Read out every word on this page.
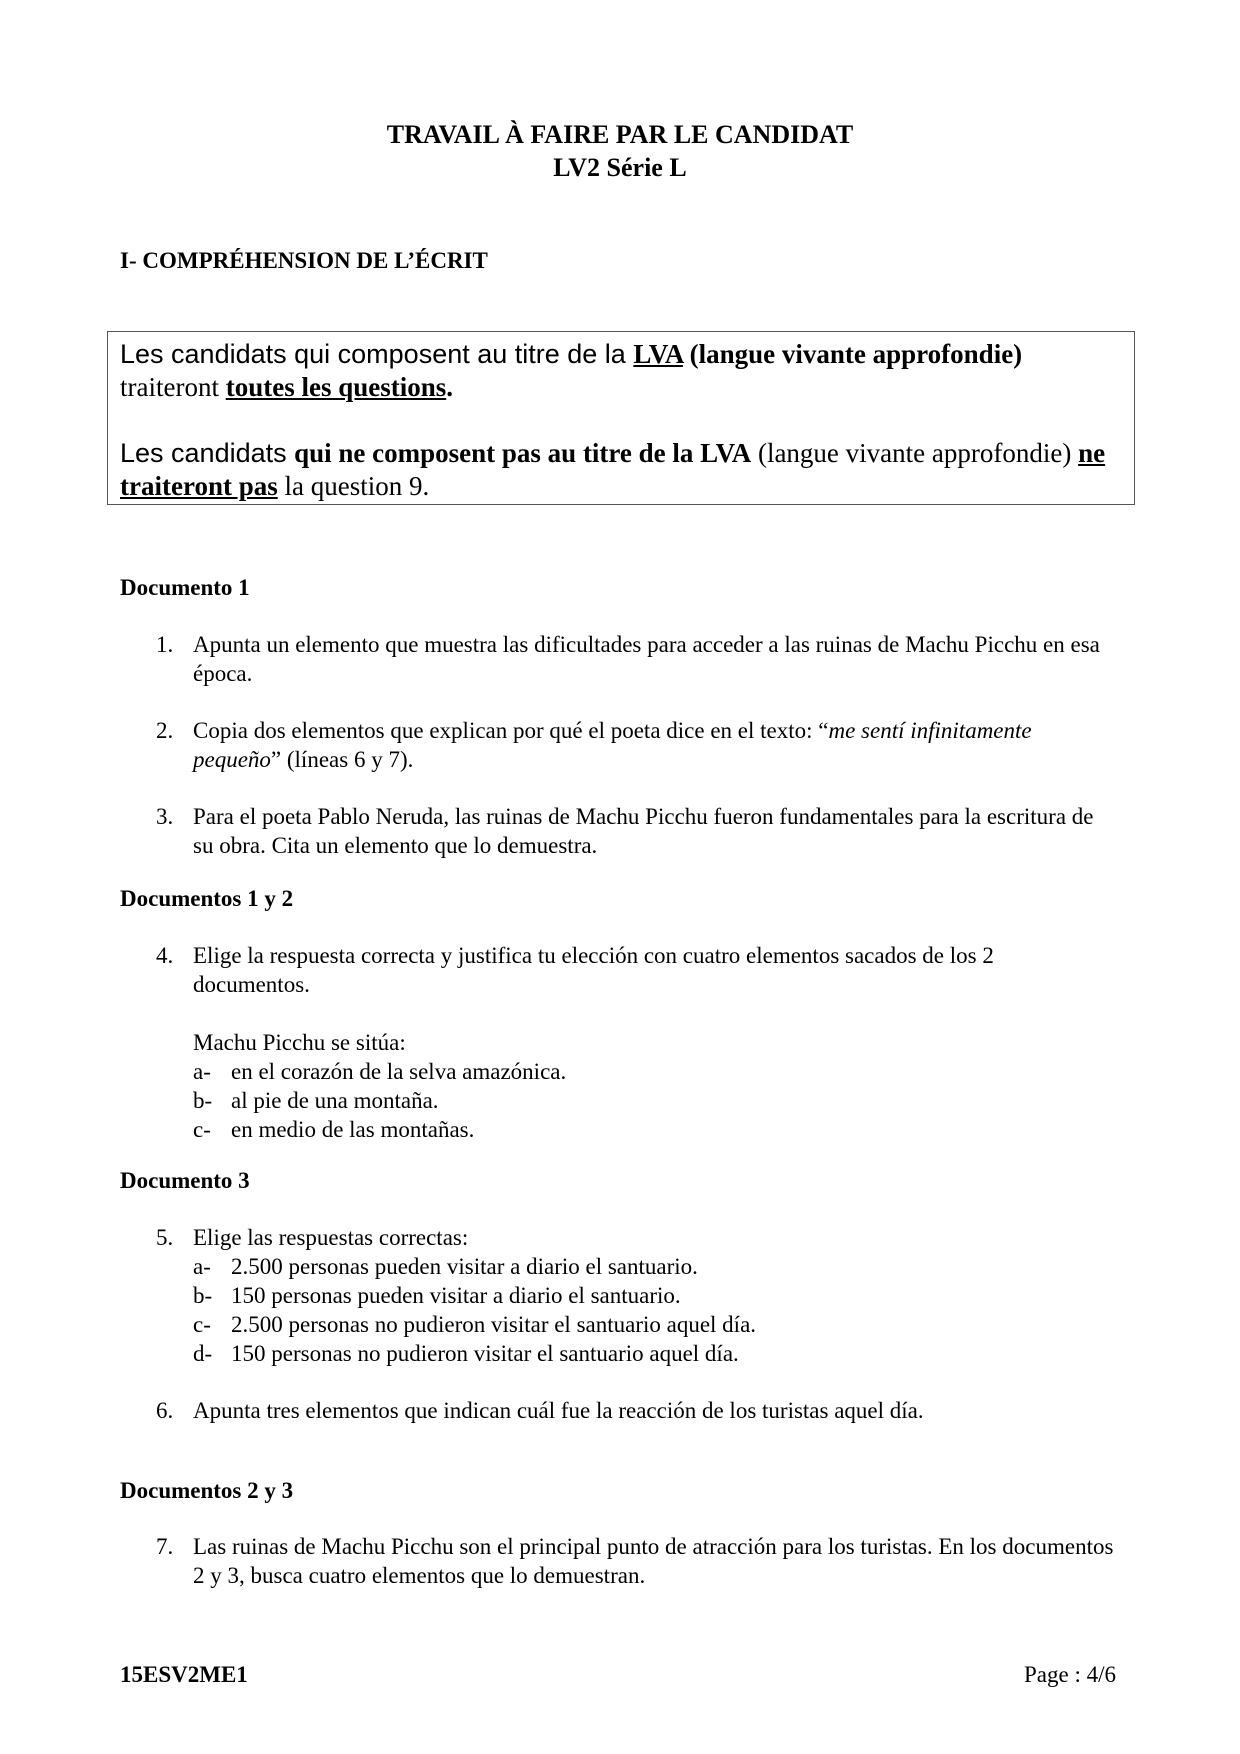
TRAVAIL À FAIRE PAR LE CANDIDAT
LV2 Série L
I- COMPRÉHENSION DE L’ÉCRIT

Les candidats qui composent au titre de la LVA (langue vivante approfondie)
traiteront toutes les questions.

Les candidats qui ne composent pas au titre de la LVA (langue vivante approfondie) ne traiteront pas la question 9.

Documento 1
1. Apunta un elemento que muestra las dificultades para acceder a las ruinas de Machu Picchu en esa época.

2. Copia dos elementos que explican por qué el poeta dice en el texto: “me sentí infinitamente pequeño” (líneas 6 y 7).

3. Para el poeta Pablo Neruda, las ruinas de Machu Picchu fueron fundamentales para la escritura de su obra. Cita un elemento que lo demuestra.

Documentos 1 y 2
4. Elige la respuesta correcta y justifica tu elección con cuatro elementos sacados de los 2 documentos.

Machu Picchu se sitúa:

a- en el corazón de la selva amazónica.
b- al pie de una montaña.
c- en medio de las montañas.
Documento 3
5. Elige las respuestas correctas:

a- 2.500 personas pueden visitar a diario el santuario.
b- 150 personas pueden visitar a diario el santuario.
c- 2.500 personas no pudieron visitar el santuario aquel día.
d- 150 personas no pudieron visitar el santuario aquel día.
6. Apunta tres elementos que indican cuál fue la reacción de los turistas aquel día.

Documentos 2 y 3
7. Las ruinas de Machu Picchu son el principal punto de atracción para los turistas. En los documentos 2 y 3, busca cuatro elementos que lo demuestran.

15ESV2ME1	Page : 4/6
